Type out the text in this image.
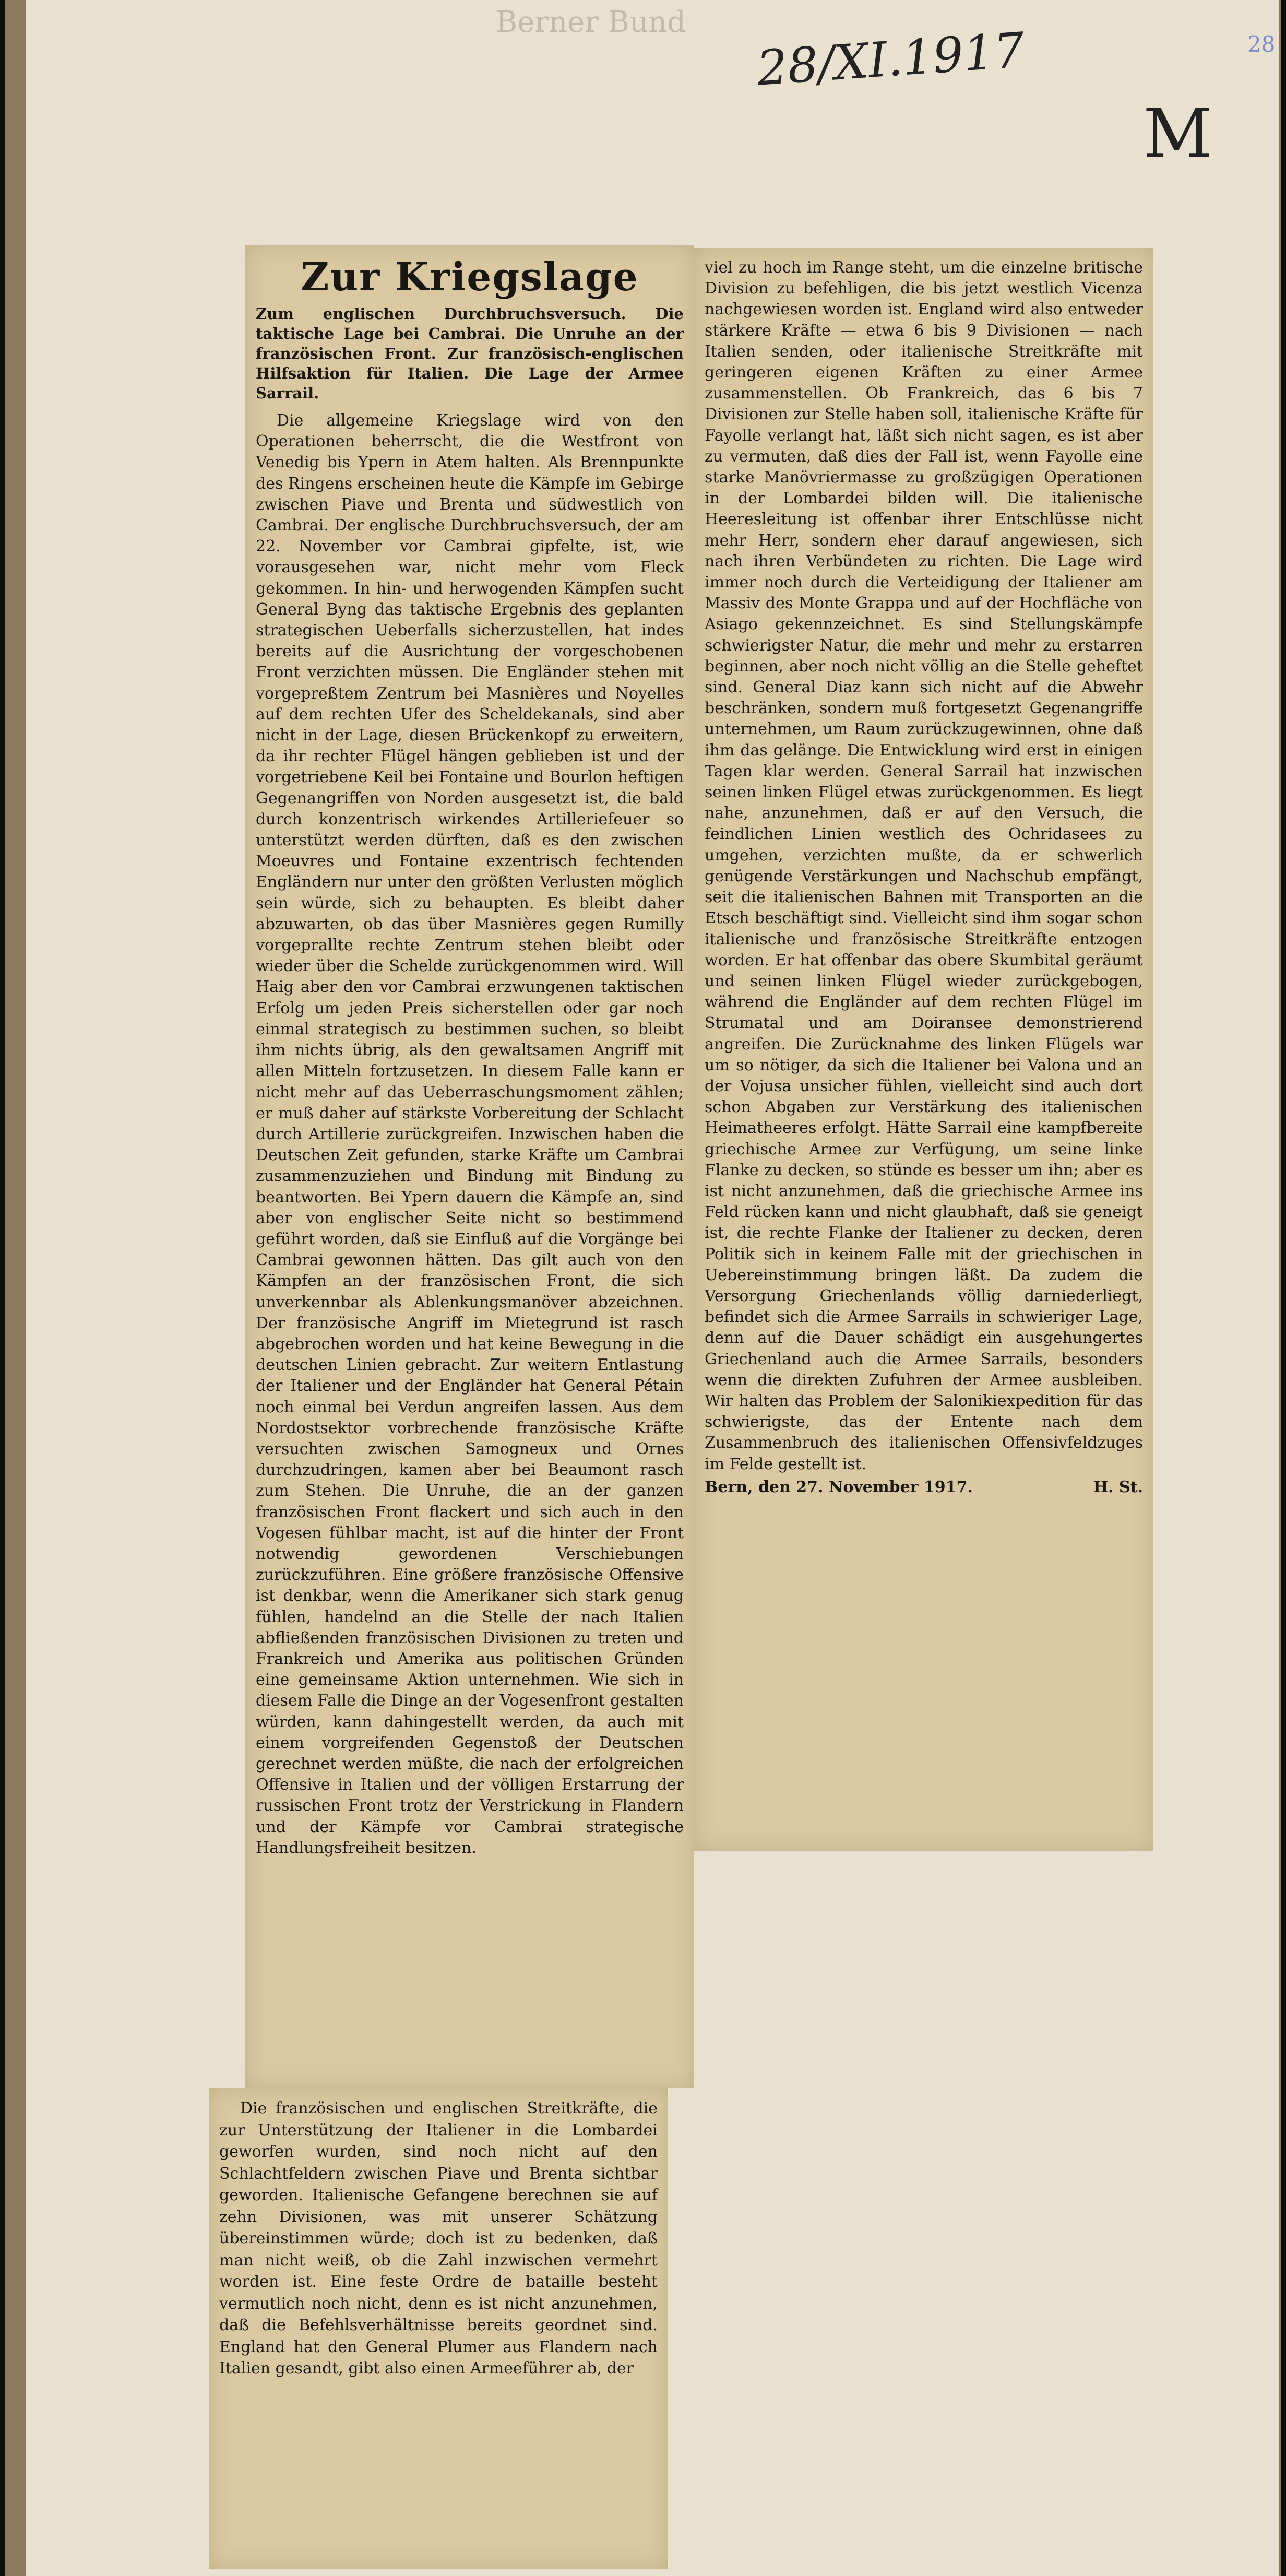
Berner Bund	28/XI.1917	28
M
Zur Kriegslage
Zum englischen Durchbruchsversuch. Die taktische Lage bei Cambrai. Die Unruhe an der französischen Front. Zur französisch-englischen Hilfsaktion für Italien. Die Lage der Armee Sarrail.

Die allgemeine Kriegslage wird von den Operationen beherrscht, die die Westfront von Venedig bis Ypern in Atem halten. Als Brennpunkte des Ringens erscheinen heute die Kämpfe im Gebirge zwischen Piave und Brenta und südwestlich von Cambrai. Der englische Durchbruchsversuch, der am 22. November vor Cambrai gipfelte, ist, wie vorausgesehen war, nicht mehr vom Fleck gekommen. In hin- und herwogenden Kämpfen sucht General Byng das taktische Ergebnis des geplanten strategischen Ueberfalls sicherzustellen, hat indes bereits auf die Ausrichtung der vorgeschobenen Front verzichten müssen. Die Engländer stehen mit vorgepreßtem Zentrum bei Masnières und Noyelles auf dem rechten Ufer des Scheldekanals, sind aber nicht in der Lage, diesen Brückenkopf zu erweitern, da ihr rechter Flügel hängen geblieben ist und der vorgetriebene Keil bei Fontaine und Bourlon heftigen Gegenangriffen von Norden ausgesetzt ist, die bald durch konzentrisch wirkendes Artilleriefeuer so unterstützt werden dürften, daß es den zwischen Moeuvres und Fontaine exzentrisch fechtenden Engländern nur unter den größten Verlusten möglich sein würde, sich zu behaupten. Es bleibt daher abzuwarten, ob das über Masnières gegen Rumilly vorgeprallte rechte Zentrum stehen bleibt oder wieder über die Schelde zurückgenommen wird. Will Haig aber den vor Cambrai erzwungenen taktischen Erfolg um jeden Preis sicherstellen oder gar noch einmal strategisch zu bestimmen suchen, so bleibt ihm nichts übrig, als den gewaltsamen Angriff mit allen Mitteln fortzusetzen. In diesem Falle kann er nicht mehr auf das Ueberraschungsmoment zählen; er muß daher auf stärkste Vorbereitung der Schlacht durch Artillerie zurückgreifen. Inzwischen haben die Deutschen Zeit gefunden, starke Kräfte um Cambrai zusammenzuziehen und Bindung mit Bindung zu beantworten. Bei Ypern dauern die Kämpfe an, sind aber von englischer Seite nicht so bestimmend geführt worden, daß sie Einfluß auf die Vorgänge bei Cambrai gewonnen hätten. Das gilt auch von den Kämpfen an der französischen Front, die sich unverkennbar als Ablenkungsmanöver abzeichnen. Der französische Angriff im Mietegrund ist rasch abgebrochen worden und hat keine Bewegung in die deutschen Linien gebracht. Zur weitern Entlastung der Italiener und der Engländer hat General Pétain noch einmal bei Verdun angreifen lassen. Aus dem Nordostsektor vorbrechende französische Kräfte versuchten zwischen Samogneux und Ornes durchzudringen, kamen aber bei Beaumont rasch zum Stehen. Die Unruhe, die an der ganzen französischen Front flackert und sich auch in den Vogesen fühlbar macht, ist auf die hinter der Front notwendig gewordenen Verschiebungen zurückzuführen. Eine größere französische Offensive ist denkbar, wenn die Amerikaner sich stark genug fühlen, handelnd an die Stelle der nach Italien abfließenden französischen Divisionen zu treten und Frankreich und Amerika aus politischen Gründen eine gemeinsame Aktion unternehmen. Wie sich in diesem Falle die Dinge an der Vogesenfront gestalten würden, kann dahingestellt werden, da auch mit einem vorgreifenden Gegenstoß der Deutschen gerechnet werden müßte, die nach der erfolgreichen Offensive in Italien und der völligen Erstarrung der russischen Front trotz der Verstrickung in Flandern und der Kämpfe vor Cambrai strategische Handlungsfreiheit besitzen.

Die französischen und englischen Streitkräfte, die zur Unterstützung der Italiener in die Lombardei geworfen wurden, sind noch nicht auf den Schlachtfeldern zwischen Piave und Brenta sichtbar geworden. Italienische Gefangene berechnen sie auf zehn Divisionen, was mit unserer Schätzung übereinstimmen würde; doch ist zu bedenken, daß man nicht weiß, ob die Zahl inzwischen vermehrt worden ist. Eine feste Ordre de bataille besteht vermutlich noch nicht, denn es ist nicht anzunehmen, daß die Befehlsverhältnisse bereits geordnet sind. England hat den General Plumer aus Flandern nach Italien gesandt, gibt also einen Armeeführer ab, der

viel zu hoch im Range steht, um die einzelne britische Division zu befehligen, die bis jetzt westlich Vicenza nachgewiesen worden ist. England wird also entweder stärkere Kräfte — etwa 6 bis 9 Divisionen — nach Italien senden, oder italienische Streitkräfte mit geringeren eigenen Kräften zu einer Armee zusammenstellen. Ob Frankreich, das 6 bis 7 Divisionen zur Stelle haben soll, italienische Kräfte für Fayolle verlangt hat, läßt sich nicht sagen, es ist aber zu vermuten, daß dies der Fall ist, wenn Fayolle eine starke Manövriermasse zu großzügigen Operationen in der Lombardei bilden will. Die italienische Heeresleitung ist offenbar ihrer Entschlüsse nicht mehr Herr, sondern eher darauf angewiesen, sich nach ihren Verbündeten zu richten. Die Lage wird immer noch durch die Verteidigung der Italiener am Massiv des Monte Grappa und auf der Hochfläche von Asiago gekennzeichnet. Es sind Stellungskämpfe schwierigster Natur, die mehr und mehr zu erstarren beginnen, aber noch nicht völlig an die Stelle geheftet sind. General Diaz kann sich nicht auf die Abwehr beschränken, sondern muß fortgesetzt Gegenangriffe unternehmen, um Raum zurückzugewinnen, ohne daß ihm das gelänge. Die Entwicklung wird erst in einigen Tagen klar werden. General Sarrail hat inzwischen seinen linken Flügel etwas zurückgenommen. Es liegt nahe, anzunehmen, daß er auf den Versuch, die feindlichen Linien westlich des Ochridasees zu umgehen, verzichten mußte, da er schwerlich genügende Verstärkungen und Nachschub empfängt, seit die italienischen Bahnen mit Transporten an die Etsch beschäftigt sind. Vielleicht sind ihm sogar schon italienische und französische Streitkräfte entzogen worden. Er hat offenbar das obere Skumbital geräumt und seinen linken Flügel wieder zurückgebogen, während die Engländer auf dem rechten Flügel im Strumatal und am Doiransee demonstrierend angreifen. Die Zurücknahme des linken Flügels war um so nötiger, da sich die Italiener bei Valona und an der Vojusa unsicher fühlen, vielleicht sind auch dort schon Abgaben zur Verstärkung des italienischen Heimatheeres erfolgt. Hätte Sarrail eine kampfbereite griechische Armee zur Verfügung, um seine linke Flanke zu decken, so stünde es besser um ihn; aber es ist nicht anzunehmen, daß die griechische Armee ins Feld rücken kann und nicht glaubhaft, daß sie geneigt ist, die rechte Flanke der Italiener zu decken, deren Politik sich in keinem Falle mit der griechischen in Uebereinstimmung bringen läßt. Da zudem die Versorgung Griechenlands völlig darniederliegt, befindet sich die Armee Sarrails in schwieriger Lage, denn auf die Dauer schädigt ein ausgehungertes Griechenland auch die Armee Sarrails, besonders wenn die direkten Zufuhren der Armee ausbleiben. Wir halten das Problem der Salonikiexpedition für das schwierigste, das der Entente nach dem Zusammenbruch des italienischen Offensivfeldzuges im Felde gestellt ist.

Bern, den 27. November 1917.	H. St.
